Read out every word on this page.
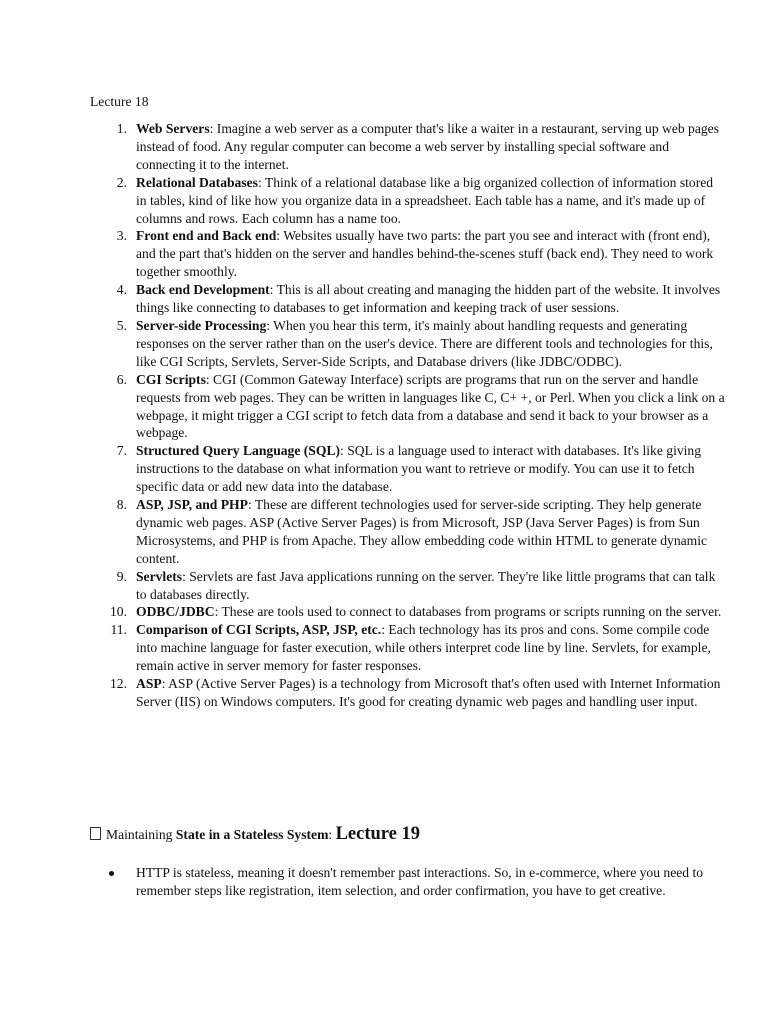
Lecture 18
1. Web Servers: Imagine a web server as a computer that's like a waiter in a restaurant, serving up web pages instead of food. Any regular computer can become a web server by installing special software and connecting it to the internet.
2. Relational Databases: Think of a relational database like a big organized collection of information stored in tables, kind of like how you organize data in a spreadsheet. Each table has a name, and it's made up of columns and rows. Each column has a name too.
3. Front end and Back end: Websites usually have two parts: the part you see and interact with (front end), and the part that's hidden on the server and handles behind-the-scenes stuff (back end). They need to work together smoothly.
4. Back end Development: This is all about creating and managing the hidden part of the website. It involves things like connecting to databases to get information and keeping track of user sessions.
5. Server-side Processing: When you hear this term, it's mainly about handling requests and generating responses on the server rather than on the user's device. There are different tools and technologies for this, like CGI Scripts, Servlets, Server-Side Scripts, and Database drivers (like JDBC/ODBC).
6. CGI Scripts: CGI (Common Gateway Interface) scripts are programs that run on the server and handle requests from web pages. They can be written in languages like C, C+ +, or Perl. When you click a link on a webpage, it might trigger a CGI script to fetch data from a database and send it back to your browser as a webpage.
7. Structured Query Language (SQL): SQL is a language used to interact with databases. It's like giving instructions to the database on what information you want to retrieve or modify. You can use it to fetch specific data or add new data into the database.
8. ASP, JSP, and PHP: These are different technologies used for server-side scripting. They help generate dynamic web pages. ASP (Active Server Pages) is from Microsoft, JSP (Java Server Pages) is from Sun Microsystems, and PHP is from Apache. They allow embedding code within HTML to generate dynamic content.
9. Servlets: Servlets are fast Java applications running on the server. They're like little programs that can talk to databases directly.
10. ODBC/JDBC: These are tools used to connect to databases from programs or scripts running on the server.
11. Comparison of CGI Scripts, ASP, JSP, etc.: Each technology has its pros and cons. Some compile code into machine language for faster execution, while others interpret code line by line. Servlets, for example, remain active in server memory for faster responses.
12. ASP: ASP (Active Server Pages) is a technology from Microsoft that's often used with Internet Information Server (IIS) on Windows computers. It's good for creating dynamic web pages and handling user input.
Maintaining State in a Stateless System: Lecture 19
HTTP is stateless, meaning it doesn't remember past interactions. So, in e-commerce, where you need to remember steps like registration, item selection, and order confirmation, you have to get creative.
